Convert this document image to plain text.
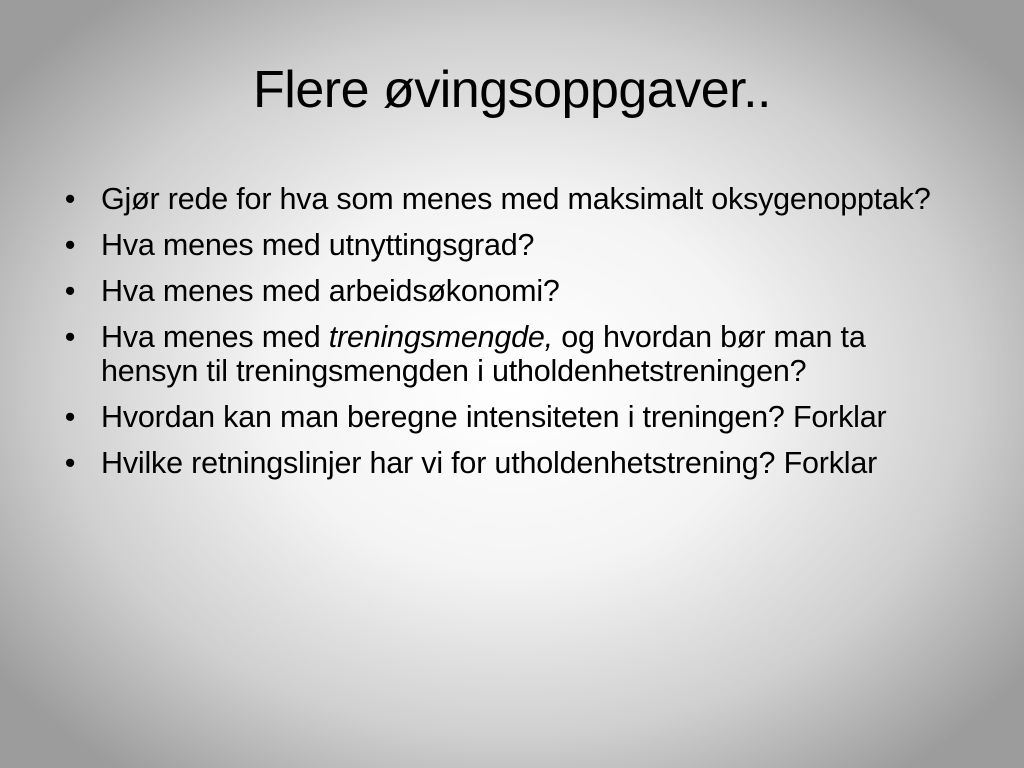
Flere øvingsoppgaver..
• Gjør rede for hva som menes med maksimalt oksygenopptak?
• Hva menes med utnyttingsgrad?
• Hva menes med arbeidsøkonomi?
• Hva menes med treningsmengde, og hvordan bør man ta hensyn til treningsmengden i utholdenhetstreningen?
• Hvordan kan man beregne intensiteten i treningen? Forklar
• Hvilke retningslinjer har vi for utholdenhetstrening? Forklar
